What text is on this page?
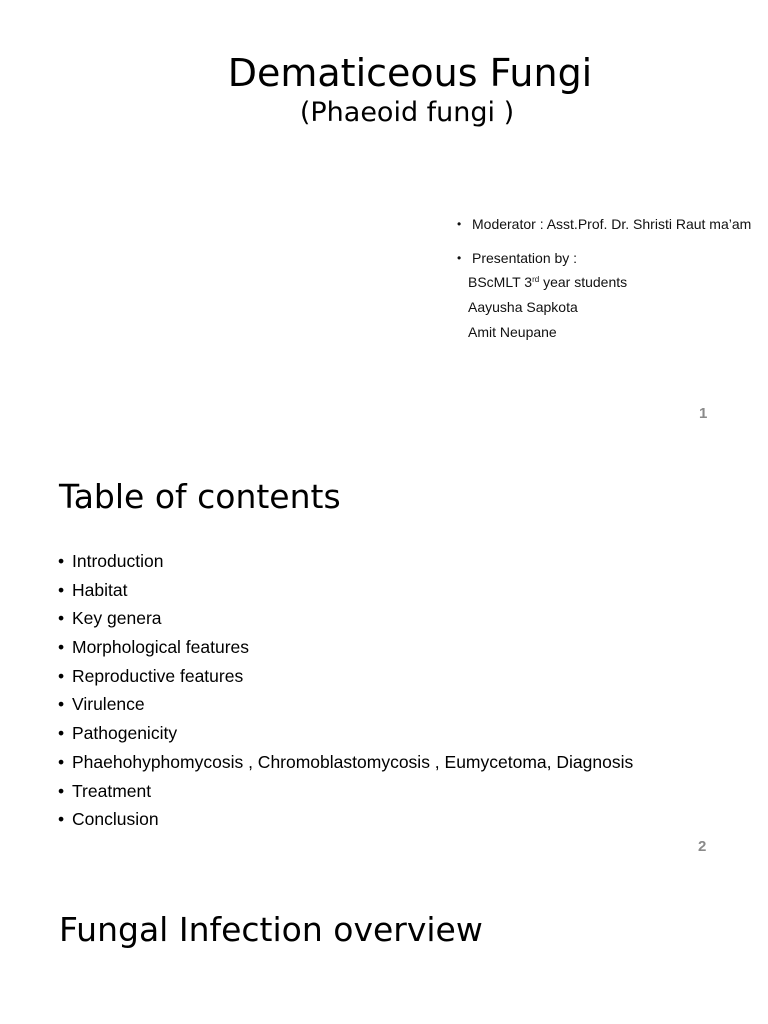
Dematiceous Fungi
(Phaeoid fungi )
• Moderator : Asst.Prof. Dr. Shristi Raut ma’am
• Presentation by :
BScMLT 3rd year students
Aayusha Sapkota
Amit Neupane
1
Table of contents
• Introduction
• Habitat
• Key genera
• Morphological features
• Reproductive features
• Virulence
• Pathogenicity
• Phaehohyphomycosis , Chromoblastomycosis , Eumycetoma, Diagnosis
• Treatment
• Conclusion
2
Fungal Infection overview
